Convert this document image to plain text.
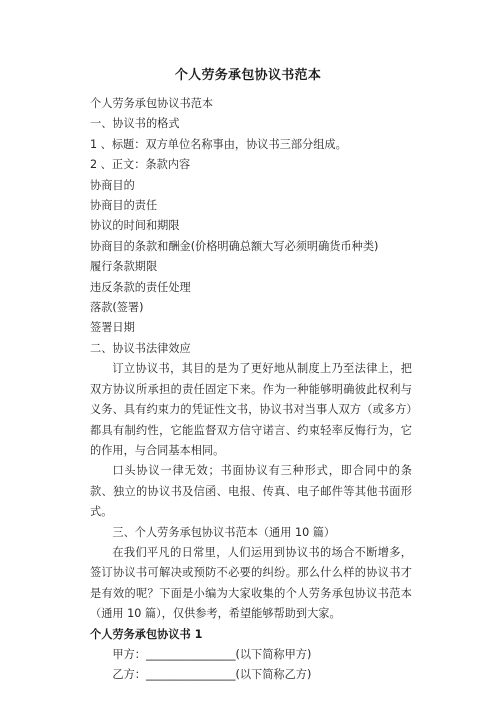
个人劳务承包协议书范本

个人劳务承包协议书范本

一、协议书的格式

1 、标题：双方单位名称事由，协议书三部分组成。

2 、正文：条款内容

协商目的

协商目的责任

协议的时间和期限

协商目的条款和酬金(价格明确总额大写必须明确货币种类)

履行条款期限

违反条款的责任处理

落款(签署)

签署日期

二、协议书法律效应

订立协议书，其目的是为了更好地从制度上乃至法律上，把双方协议所承担的责任固定下来。作为一种能够明确彼此权利与义务、具有约束力的凭证性文书，协议书对当事人双方（或多方）都具有制约性，它能监督双方信守诺言、约束轻率反悔行为，它的作用，与合同基本相同。

口头协议一律无效；书面协议有三种形式，即合同中的条款、独立的协议书及信函、电报、传真、电子邮件等其他书面形式。

三、个人劳务承包协议书范本（通用 10 篇）

在我们平凡的日常里，人们运用到协议书的场合不断增多，签订协议书可解决或预防不必要的纠纷。那么什么样的协议书才是有效的呢？下面是小编为大家收集的个人劳务承包协议书范本（通用 10 篇），仅供参考，希望能够帮助到大家。

个人劳务承包协议书 1

甲方：________________(以下简称甲方)

乙方：________________(以下简称乙方)
